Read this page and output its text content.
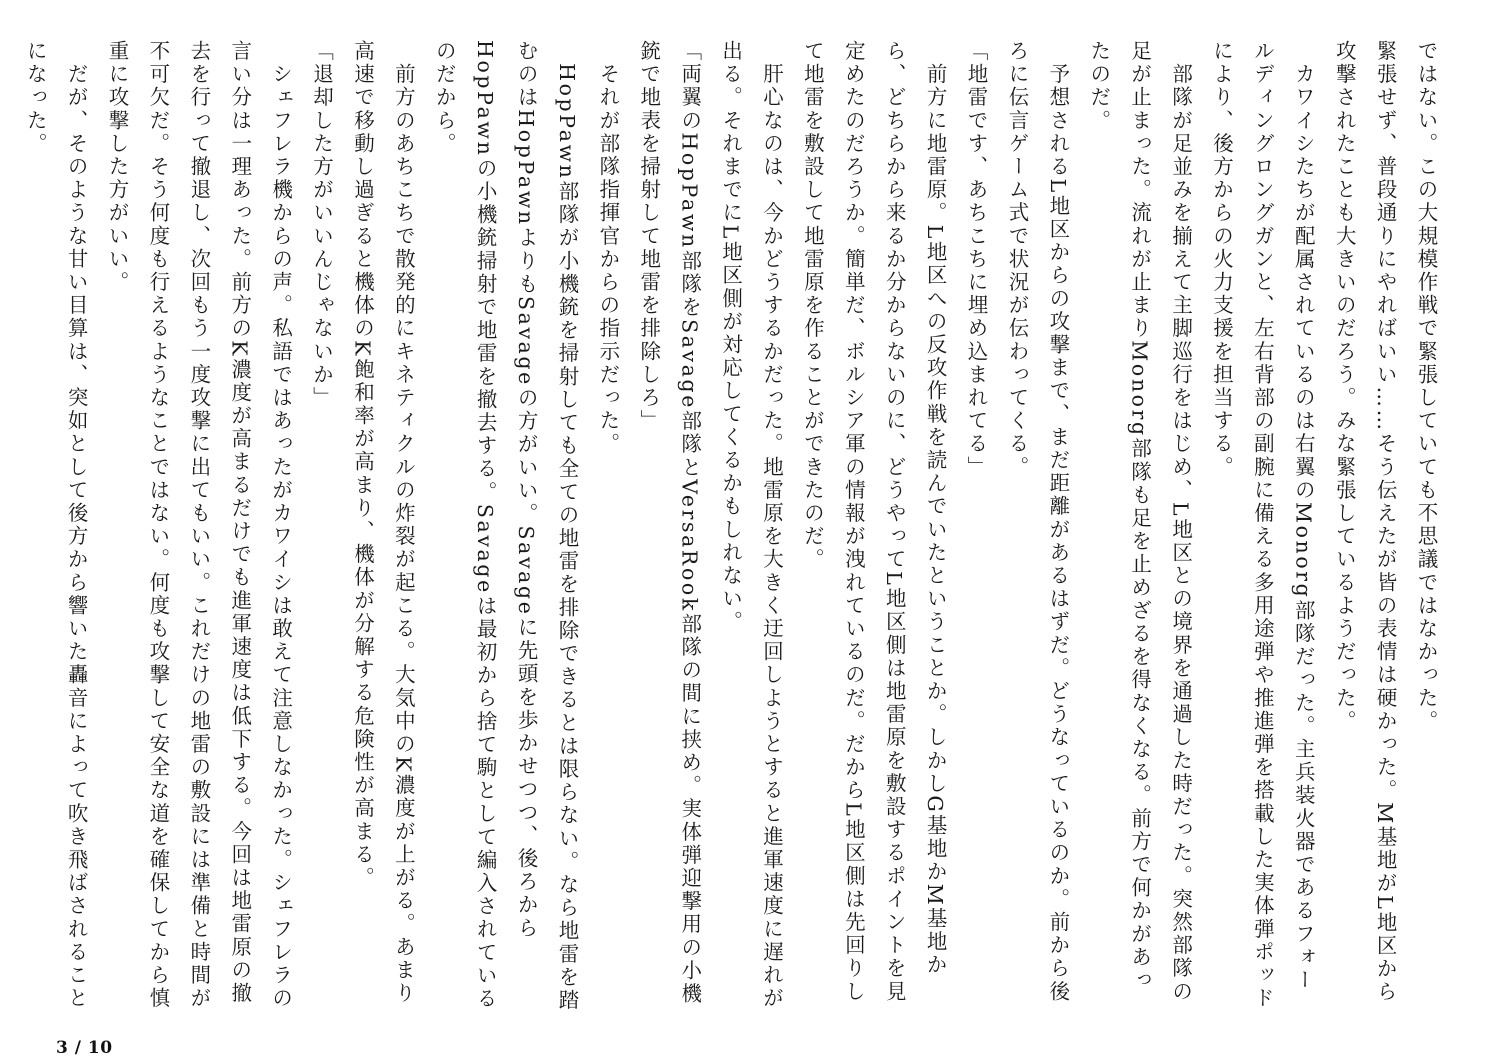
ではない。この大規模作戦で緊張していても不思議ではなかった。

緊張せず、普段通りにやればいい……そう伝えたが皆の表情は硬かった。M基地がL地区から攻撃されたことも大きいのだろう。みな緊張しているようだった。

　カワイシたちが配属されているのは右翼のMonorg部隊だった。主兵装火器であるフォールディングロングガンと、左右背部の副腕に備える多用途弾や推進弾を搭載した実体弾ポッドにより、後方からの火力支援を担当する。

　部隊が足並みを揃えて主脚巡行をはじめ、L地区との境界を通過した時だった。突然部隊の足が止まった。流れが止まりMonorg部隊も足を止めざるを得なくなる。前方で何かがあったのだ。

　予想されるL地区からの攻撃まで、まだ距離があるはずだ。どうなっているのか。前から後ろに伝言ゲーム式で状況が伝わってくる。

「地雷です、あちこちに埋め込まれてる」

　前方に地雷原。L地区への反攻作戦を読んでいたということか。しかしG基地かM基地から、どちらから来るか分からないのに、どうやってL地区側は地雷原を敷設するポイントを見定めたのだろうか。簡単だ、ボルシア軍の情報が洩れているのだ。だからL地区側は先回りして地雷を敷設して地雷原を作ることができたのだ。

　肝心なのは、今かどうするかだった。地雷原を大きく迂回しようとすると進軍速度に遅れが出る。それまでにL地区側が対応してくるかもしれない。

「両翼のHopPawn部隊をSavage部隊とVersaRook部隊の間に挟め。実体弾迎撃用の小機銃で地表を掃射して地雷を排除しろ」

　それが部隊指揮官からの指示だった。

　HopPawn部隊が小機銃を掃射しても全ての地雷を排除できるとは限らない。なら地雷を踏むのはHopPawnよりもSavageの方がいい。Savageに先頭を歩かせつつ、後ろからHopPawnの小機銃掃射で地雷を撤去する。Savageは最初から捨て駒として編入されているのだから。

　前方のあちこちで散発的にキネティクルの炸裂が起こる。大気中のK濃度が上がる。あまり高速で移動し過ぎると機体のK飽和率が高まり、機体が分解する危険性が高まる。

「退却した方がいいんじゃないか」

　シェフレラ機からの声。私語ではあったがカワイシは敢えて注意しなかった。シェフレラの言い分は一理あった。前方のK濃度が高まるだけでも進軍速度は低下する。今回は地雷原の撤去を行って撤退し、次回もう一度攻撃に出てもいい。これだけの地雷の敷設には準備と時間が不可欠だ。そう何度も行えるようなことではない。何度も攻撃して安全な道を確保してから慎重に攻撃した方がいい。

　だが、そのような甘い目算は、突如として後方から響いた轟音によって吹き飛ばされることになった。

3 / 10
